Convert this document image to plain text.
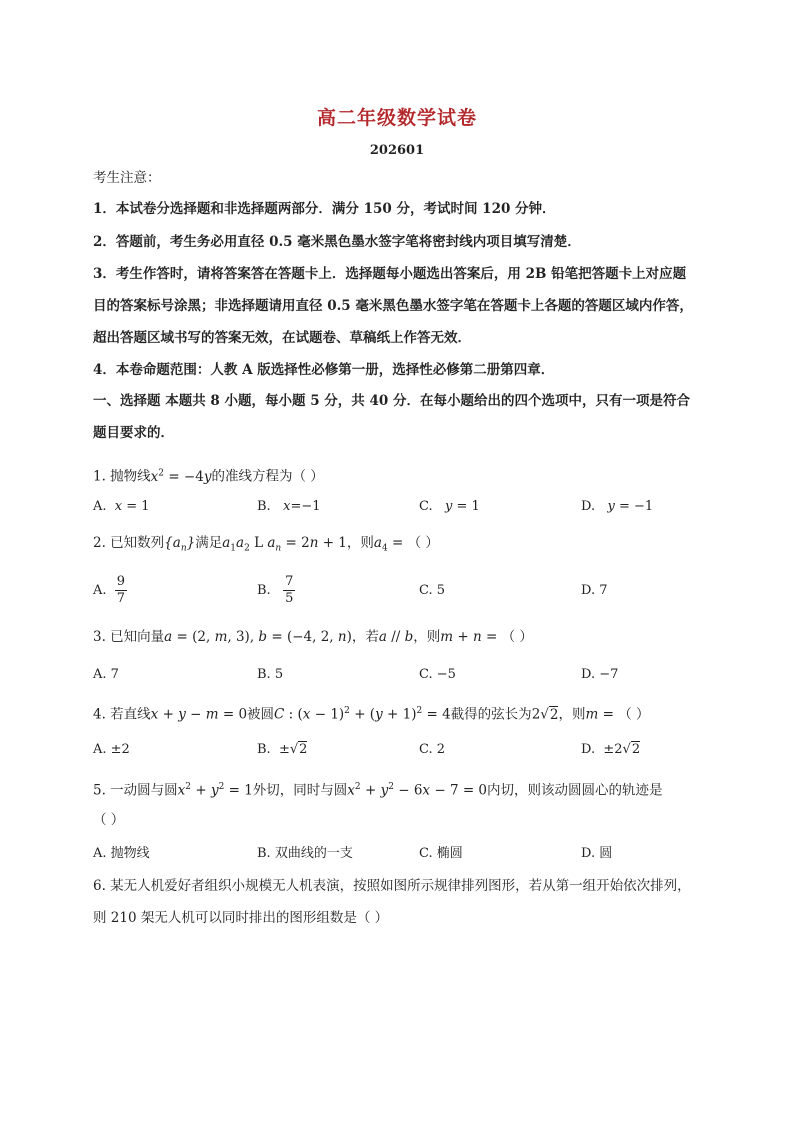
高二年级数学试卷
202601
考生注意：
1．本试卷分选择题和非选择题两部分．满分 150 分，考试时间 120 分钟．
2．答题前，考生务必用直径 0.5 毫米黑色墨水签字笔将密封线内项目填写清楚．
3．考生作答时，请将答案答在答题卡上．选择题每小题选出答案后，用 2B 铅笔把答题卡上对应题
目的答案标号涂黑；非选择题请用直径 0.5 毫米黑色墨水签字笔在答题卡上各题的答题区域内作答，
超出答题区域书写的答案无效，在试题卷、草稿纸上作答无效．
4．本卷命题范围：人教 A 版选择性必修第一册，选择性必修第二册第四章．
一、选择题 本题共 8 小题，每小题 5 分，共 40 分．在每小题给出的四个选项中，只有一项是符合
题目要求的．
1. 抛物线$x^2 = -4y$的准线方程为（ ）
A. x = 1	B. x=−1	C. y = 1	D. y = −1
2. 已知数列$\{a_n\}$满足$a_1a_2$ L $a_n = 2n + 1$，则$a_4$ = （ ）
A. $\frac{9}{7}$	B. $\frac{7}{5}$	C. 5	D. 7
3. 已知向量a = (2, m, 3), b = (−4, 2, n)，若a // b，则m + n = （ ）
A. 7	B. 5	C. −5	D. −7
4. 若直线x + y − m = 0被圆C : $(x - 1)^2 + (y + 1)^2 = 4$截得的弦长为2√2，则m = （ ）
A. ±2	B.  ±√2	C. 2	D.  ±2√2
5. 一动圆与圆$x^2 + y^2 = 1$外切，同时与圆$x^2 + y^2 - 6x - 7 = 0$内切，则该动圆圆心的轨迹是
（ ）
A. 抛物线	B. 双曲线的一支	C. 椭圆	D. 圆
6. 某无人机爱好者组织小规模无人机表演，按照如图所示规律排列图形，若从第一组开始依次排列，
则 210 架无人机可以同时排出的图形组数是（ ）
